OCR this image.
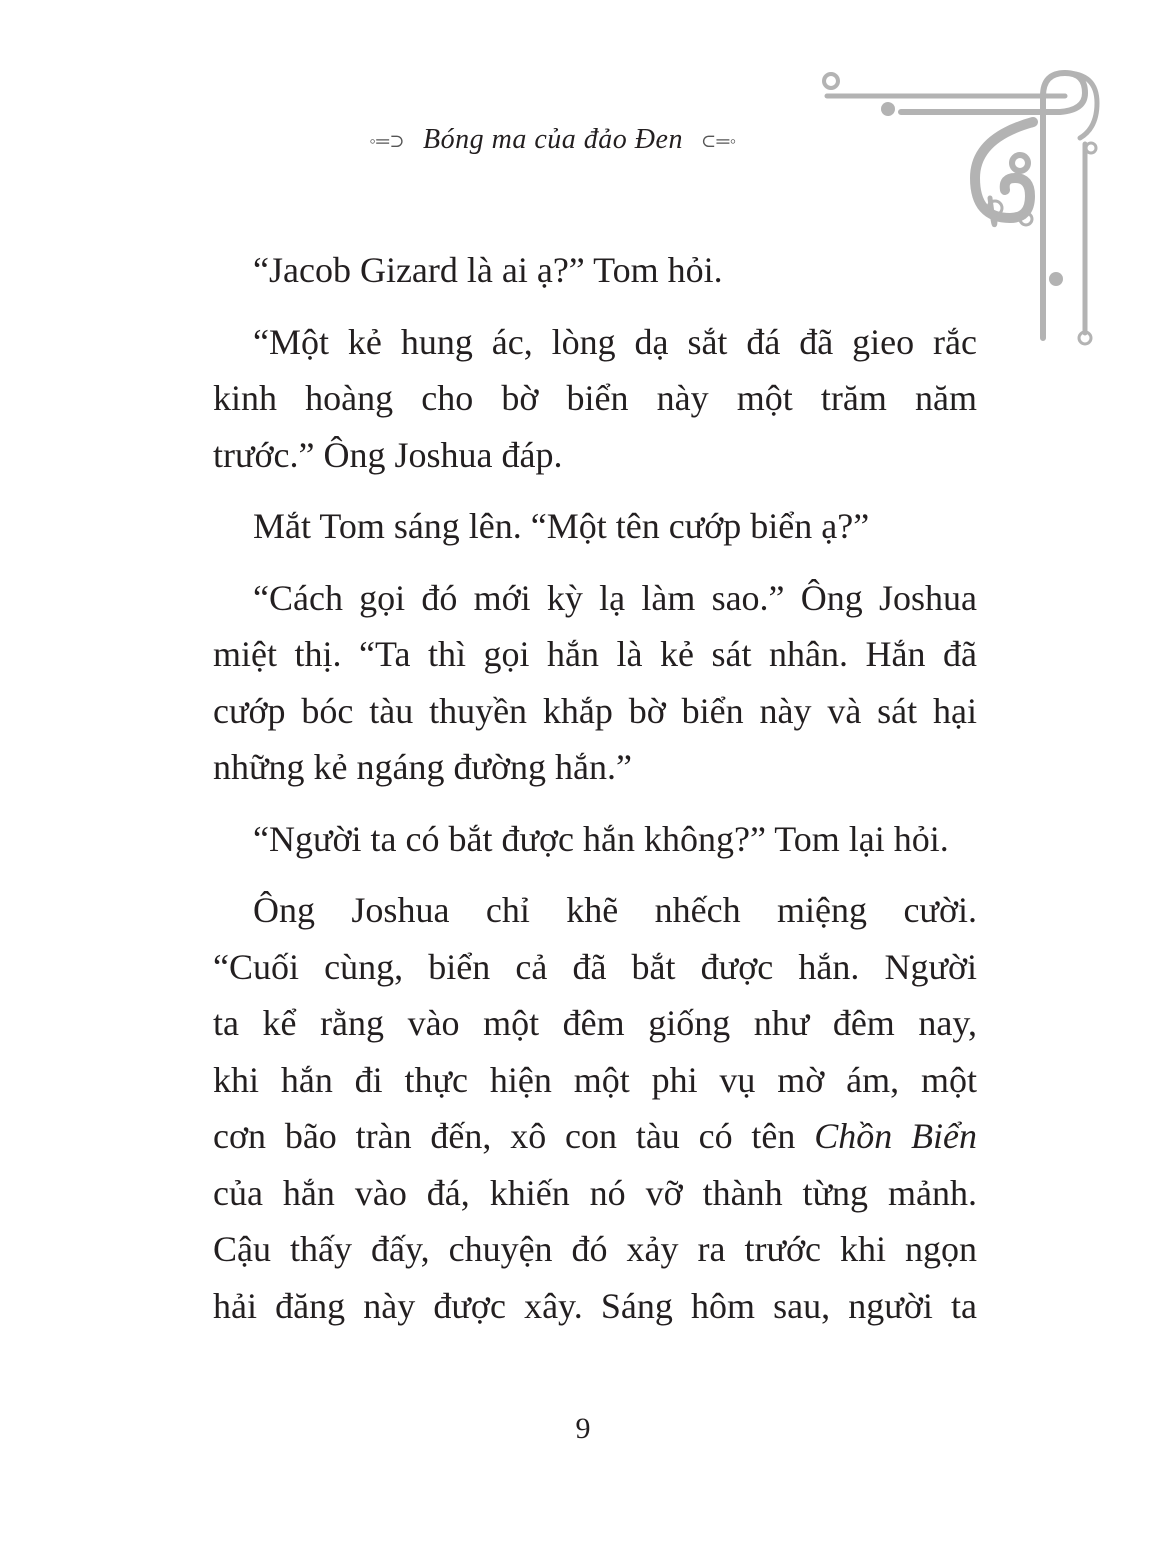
◦═⊃ Bóng ma của đảo Đen ⊂═◦
“Jacob Gizard là ai ạ?” Tom hỏi.
“Một kẻ hung ác, lòng dạ sắt đá đã gieo rắc
kinh hoàng cho bờ biển này một trăm năm
trước.” Ông Joshua đáp.
Mắt Tom sáng lên. “Một tên cướp biển ạ?”
“Cách gọi đó mới kỳ lạ làm sao.” Ông Joshua
miệt thị. “Ta thì gọi hắn là kẻ sát nhân. Hắn đã
cướp bóc tàu thuyền khắp bờ biển này và sát hại
những kẻ ngáng đường hắn.”
“Người ta có bắt được hắn không?” Tom lại hỏi.
Ông Joshua chỉ khẽ nhếch miệng cười.
“Cuối cùng, biển cả đã bắt được hắn. Người
ta kể rằng vào một đêm giống như đêm nay,
khi hắn đi thực hiện một phi vụ mờ ám, một
cơn bão tràn đến, xô con tàu có tên Chồn Biển
của hắn vào đá, khiến nó vỡ thành từng mảnh.
Cậu thấy đấy, chuyện đó xảy ra trước khi ngọn
hải đăng này được xây. Sáng hôm sau, người ta
9
